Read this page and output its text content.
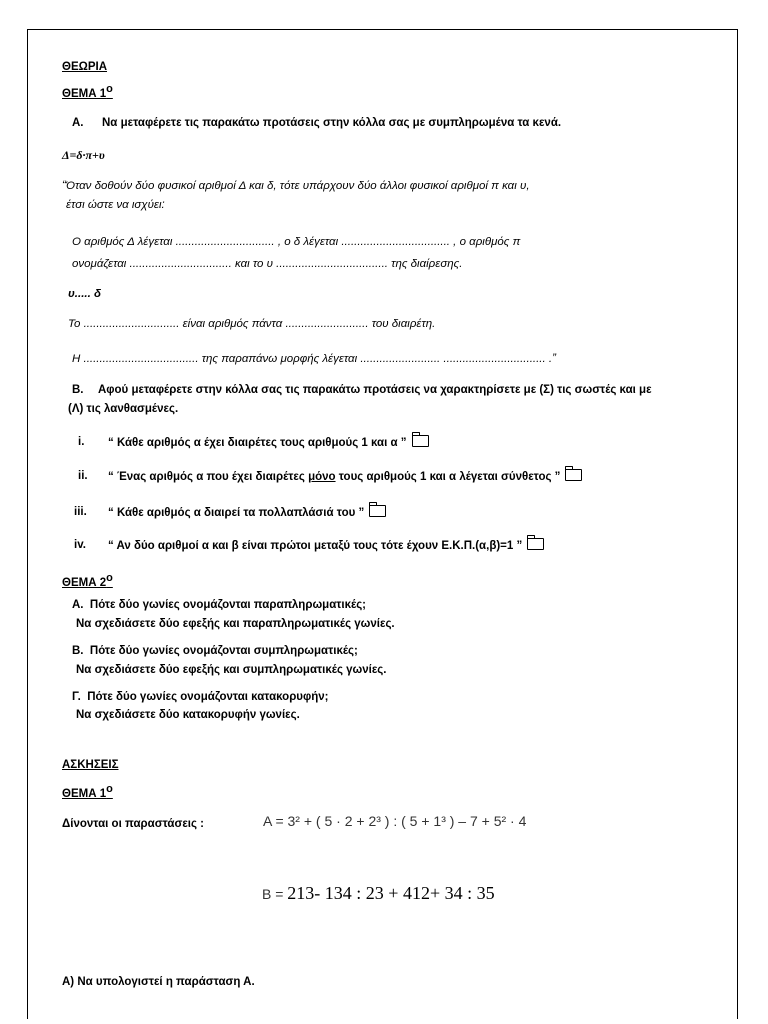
ΘΕΩΡΙΑ
ΘΕΜΑ $1^o$
Α. Να μεταφέρετε τις παρακάτω προτάσεις στην κόλλα σας με συμπληρωμένα τα κενά.
Δ=δ·π+υ
“Όταν δοθούν δύο φυσικοί αριθμοί Δ και δ, τότε υπάρχουν δύο άλλοι φυσικοί αριθμοί π και υ,
έτσι ώστε να ισχύει:
Ο αριθμός Δ λέγεται ............................... , ο δ λέγεται .................................. , ο αριθμός π
ονομάζεται ................................ και το υ ................................... της διαίρεσης.
υ..... δ
Το .............................. είναι αριθμός πάντα .......................... του διαιρέτη.
Η .................................... της παραπάνω μορφής λέγεται ......................... ................................ .”
Β. Αφού μεταφέρετε στην κόλλα σας τις παρακάτω προτάσεις να χαρακτηρίσετε με (Σ) τις σωστές και με
(Λ) τις λανθασμένες.
i. “ Κάθε αριθμός α έχει διαιρέτες τους αριθμούς 1 και α ”
ii. “ Ένας αριθμός α που έχει διαιρέτες μόνο τους αριθμούς 1 και α λέγεται σύνθετος ”
iii. “ Κάθε αριθμός α διαιρεί τα πολλαπλάσιά του ”
iv. “ Αν δύο αριθμοί α και β είναι πρώτοι μεταξύ τους τότε έχουν Ε.Κ.Π.(α,β)=1 ”
ΘΕΜΑ $2^o$
Α. Πότε δύο γωνίες ονομάζονται παραπληρωματικές;
Να σχεδιάσετε δύο εφεξής και παραπληρωματικές γωνίες.
Β. Πότε δύο γωνίες ονομάζονται συμπληρωματικές;
Να σχεδιάσετε δύο εφεξής και συμπληρωματικές γωνίες.
Γ. Πότε δύο γωνίες ονομάζονται κατακορυφήν;
Να σχεδιάσετε δύο κατακορυφήν γωνίες.
ΑΣΚΗΣΕΙΣ
ΘΕΜΑ $1^o$
Δίνονται οι παραστάσεις :	Α = 3² + ( 5 · 2 + 2³ ) : ( 5 + 1³ ) – 7 + 5² · 4
Β = 213- 134 : 23 + 412+ 34 : 35
Α) Να υπολογιστεί η παράσταση Α.
